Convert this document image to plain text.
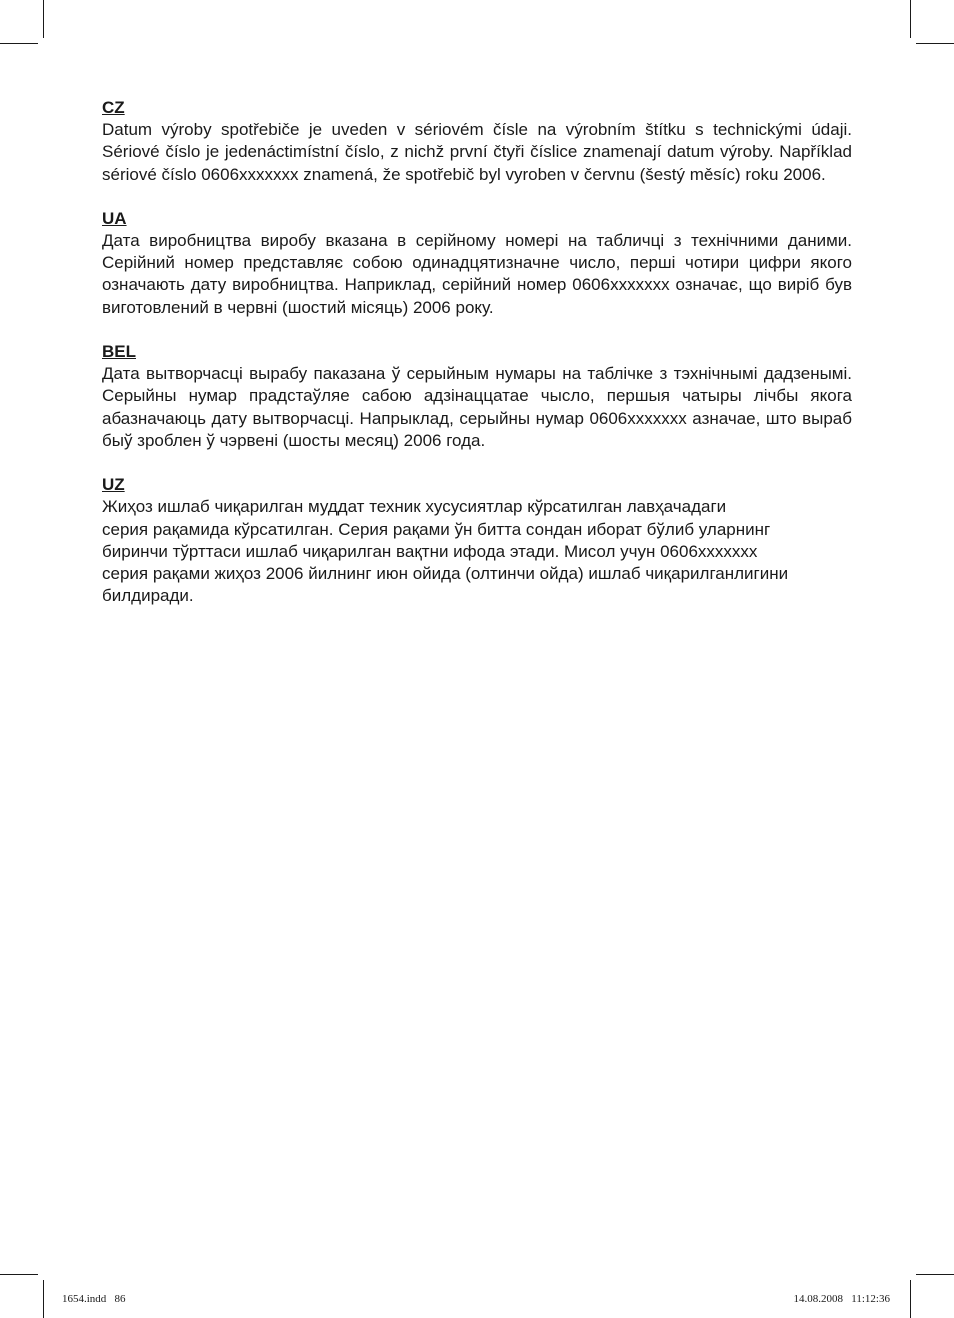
CZ

Datum výroby spotřebiče je uveden v sériovém čísle na výrobním štítku s technickými údaji. Sériové číslo je jedenáctimístní číslo, z nichž první čtyři číslice znamenají datum výroby. Například sériové číslo 0606xxxxxxx znamená, že spotřebič byl vyroben v červnu (šestý měsíc) roku 2006.

UA

Дата виробництва виробу вказана в серійному номері на табличці з технічними даними. Серійний номер представляє собою одинадцятизначне число, перші чотири цифри якого означають дату виробництва. Наприклад, серійний номер 0606xxxxxxx означає, що виріб був виготовлений в червні (шостий місяць) 2006 року.

BEL

Дата вытворчасці вырабу паказана ў серыйным нумары на таблічке з тэхнічнымі дадзенымі. Серыйны нумар прадстаўляе сабою адзінаццатае чысло, першыя чатыры лічбы якога абазначаюць дату вытворчасці. Напрыклад, серыйны нумар 0606xxxxxxx азначае, што выраб быў зроблен ў чэрвені (шосты месяц) 2006 года.

UZ
Жиҳоз ишлаб чиқарилган муддат техник хусусиятлар кўрсатилган лавҳачадаги
серия рақамида кўрсатилган. Серия рақами ўн битта сондан иборат бўлиб уларнинг
биринчи тўрттаси ишлаб чиқарилган вақтни ифода этади. Мисол учун 0606xxxxxxx
серия рақами жиҳоз 2006 йилнинг июн ойида (олтинчи ойда) ишлаб чиқарилганлигини
билдиради.
1654.indd   86	14.08.2008   11:12:36
